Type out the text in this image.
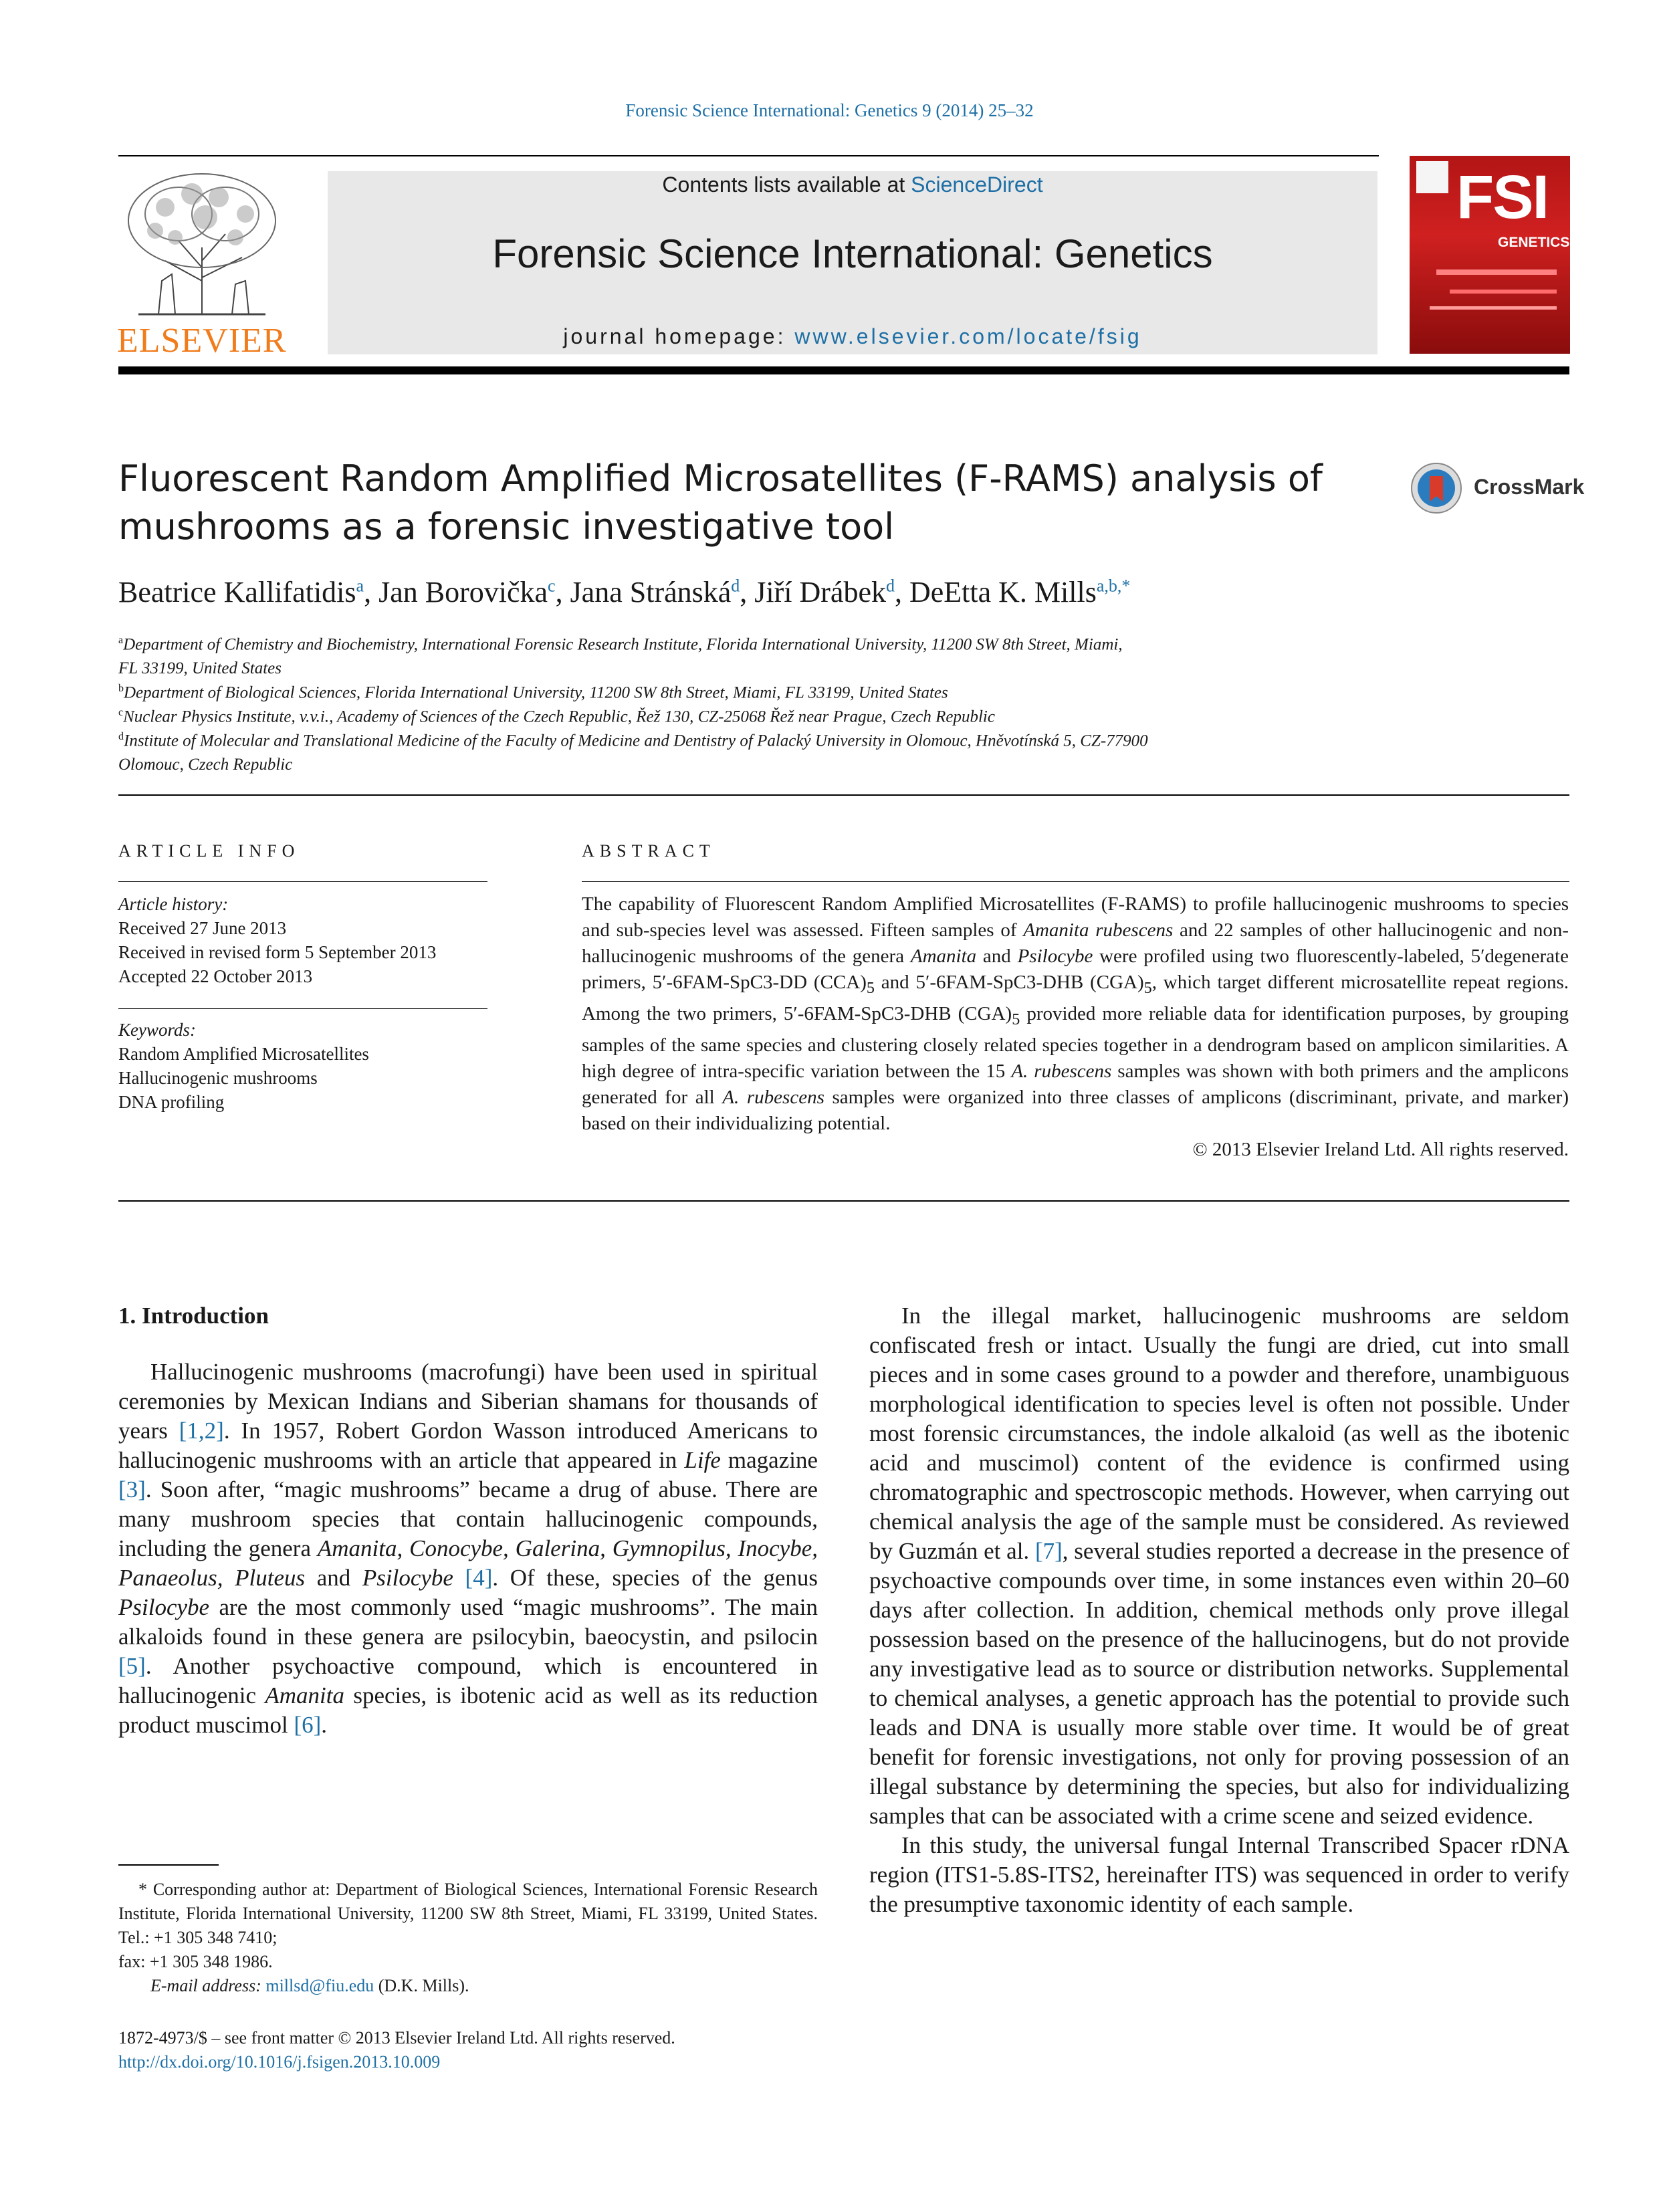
Forensic Science International: Genetics 9 (2014) 25–32
ELSEVIER
Contents lists available at ScienceDirect
Forensic Science International: Genetics
journal homepage: www.elsevier.com/locate/fsig
FSI
GENETICS
Fluorescent Random Amplified Microsatellites (F-RAMS) analysis of mushrooms as a forensic investigative tool
CrossMark
Beatrice Kallifatidis$^a$, Jan Borovička$^c$, Jana Stránská$^d$, Jiří Drábek$^d$, DeEtta K. Mills$^{a,b,*}$
$^a$Department of Chemistry and Biochemistry, International Forensic Research Institute, Florida International University, 11200 SW 8th Street, Miami,
FL 33199, United States
$^b$Department of Biological Sciences, Florida International University, 11200 SW 8th Street, Miami, FL 33199, United States
$^c$Nuclear Physics Institute, v.v.i., Academy of Sciences of the Czech Republic, Řež 130, CZ-25068 Řež near Prague, Czech Republic
$^d$Institute of Molecular and Translational Medicine of the Faculty of Medicine and Dentistry of Palacký University in Olomouc, Hněvotínská 5, CZ-77900
Olomouc, Czech Republic
ARTICLE INFO
Article history:
Received 27 June 2013
Received in revised form 5 September 2013
Accepted 22 October 2013
Keywords:
Random Amplified Microsatellites
Hallucinogenic mushrooms
DNA profiling
ABSTRACT
The capability of Fluorescent Random Amplified Microsatellites (F-RAMS) to profile hallucinogenic mushrooms to species and sub-species level was assessed. Fifteen samples of Amanita rubescens and 22 samples of other hallucinogenic and non-hallucinogenic mushrooms of the genera Amanita and Psilocybe were profiled using two fluorescently-labeled, 5′degenerate primers, 5′-6FAM-SpC3-DD $(CCA)_5$ and 5′-6FAM-SpC3-DHB $(CGA)_5$, which target different microsatellite repeat regions. Among the two primers, 5′-6FAM-SpC3-DHB $(CGA)_5$ provided more reliable data for identification purposes, by grouping samples of the same species and clustering closely related species together in a dendrogram based on amplicon similarities. A high degree of intra-specific variation between the 15 A. rubescens samples was shown with both primers and the amplicons generated for all A. rubescens samples were organized into three classes of amplicons (discriminant, private, and marker) based on their individualizing potential.
© 2013 Elsevier Ireland Ltd. All rights reserved.
1. Introduction

Hallucinogenic mushrooms (macrofungi) have been used in spiritual ceremonies by Mexican Indians and Siberian shamans for thousands of years [1,2]. In 1957, Robert Gordon Wasson introduced Americans to hallucinogenic mushrooms with an article that appeared in Life magazine [3]. Soon after, “magic mushrooms” became a drug of abuse. There are many mushroom species that contain hallucinogenic compounds, including the genera Amanita, Conocybe, Galerina, Gymnopilus, Inocybe, Panaeolus, Pluteus and Psilocybe [4]. Of these, species of the genus Psilocybe are the most commonly used “magic mushrooms”. The main alkaloids found in these genera are psilocybin, baeocystin, and psilocin [5]. Another psychoactive compound, which is encountered in hallucinogenic Amanita species, is ibotenic acid as well as its reduction product muscimol [6].

* Corresponding author at: Department of Biological Sciences, International Forensic Research Institute, Florida International University, 11200 SW 8th Street, Miami, FL 33199, United States. Tel.: +1 305 348 7410;
fax: +1 305 348 1986.
E-mail address: millsd@fiu.edu (D.K. Mills).
1872-4973/$ – see front matter © 2013 Elsevier Ireland Ltd. All rights reserved.
http://dx.doi.org/10.1016/j.fsigen.2013.10.009

In the illegal market, hallucinogenic mushrooms are seldom confiscated fresh or intact. Usually the fungi are dried, cut into small pieces and in some cases ground to a powder and therefore, unambiguous morphological identification to species level is often not possible. Under most forensic circumstances, the indole alkaloid (as well as the ibotenic acid and muscimol) content of the evidence is confirmed using chromatographic and spectroscopic methods. However, when carrying out chemical analysis the age of the sample must be considered. As reviewed by Guzmán et al. [7], several studies reported a decrease in the presence of psychoactive compounds over time, in some instances even within 20–60 days after collection. In addition, chemical methods only prove illegal possession based on the presence of the hallucinogens, but do not provide any investigative lead as to source or distribution networks. Supplemental to chemical analyses, a genetic approach has the potential to provide such leads and DNA is usually more stable over time. It would be of great benefit for forensic investigations, not only for proving possession of an illegal substance by determining the species, but also for individualizing samples that can be associated with a crime scene and seized evidence.

In this study, the universal fungal Internal Transcribed Spacer rDNA region (ITS1-5.8S-ITS2, hereinafter ITS) was sequenced in order to verify the presumptive taxonomic identity of each sample.
